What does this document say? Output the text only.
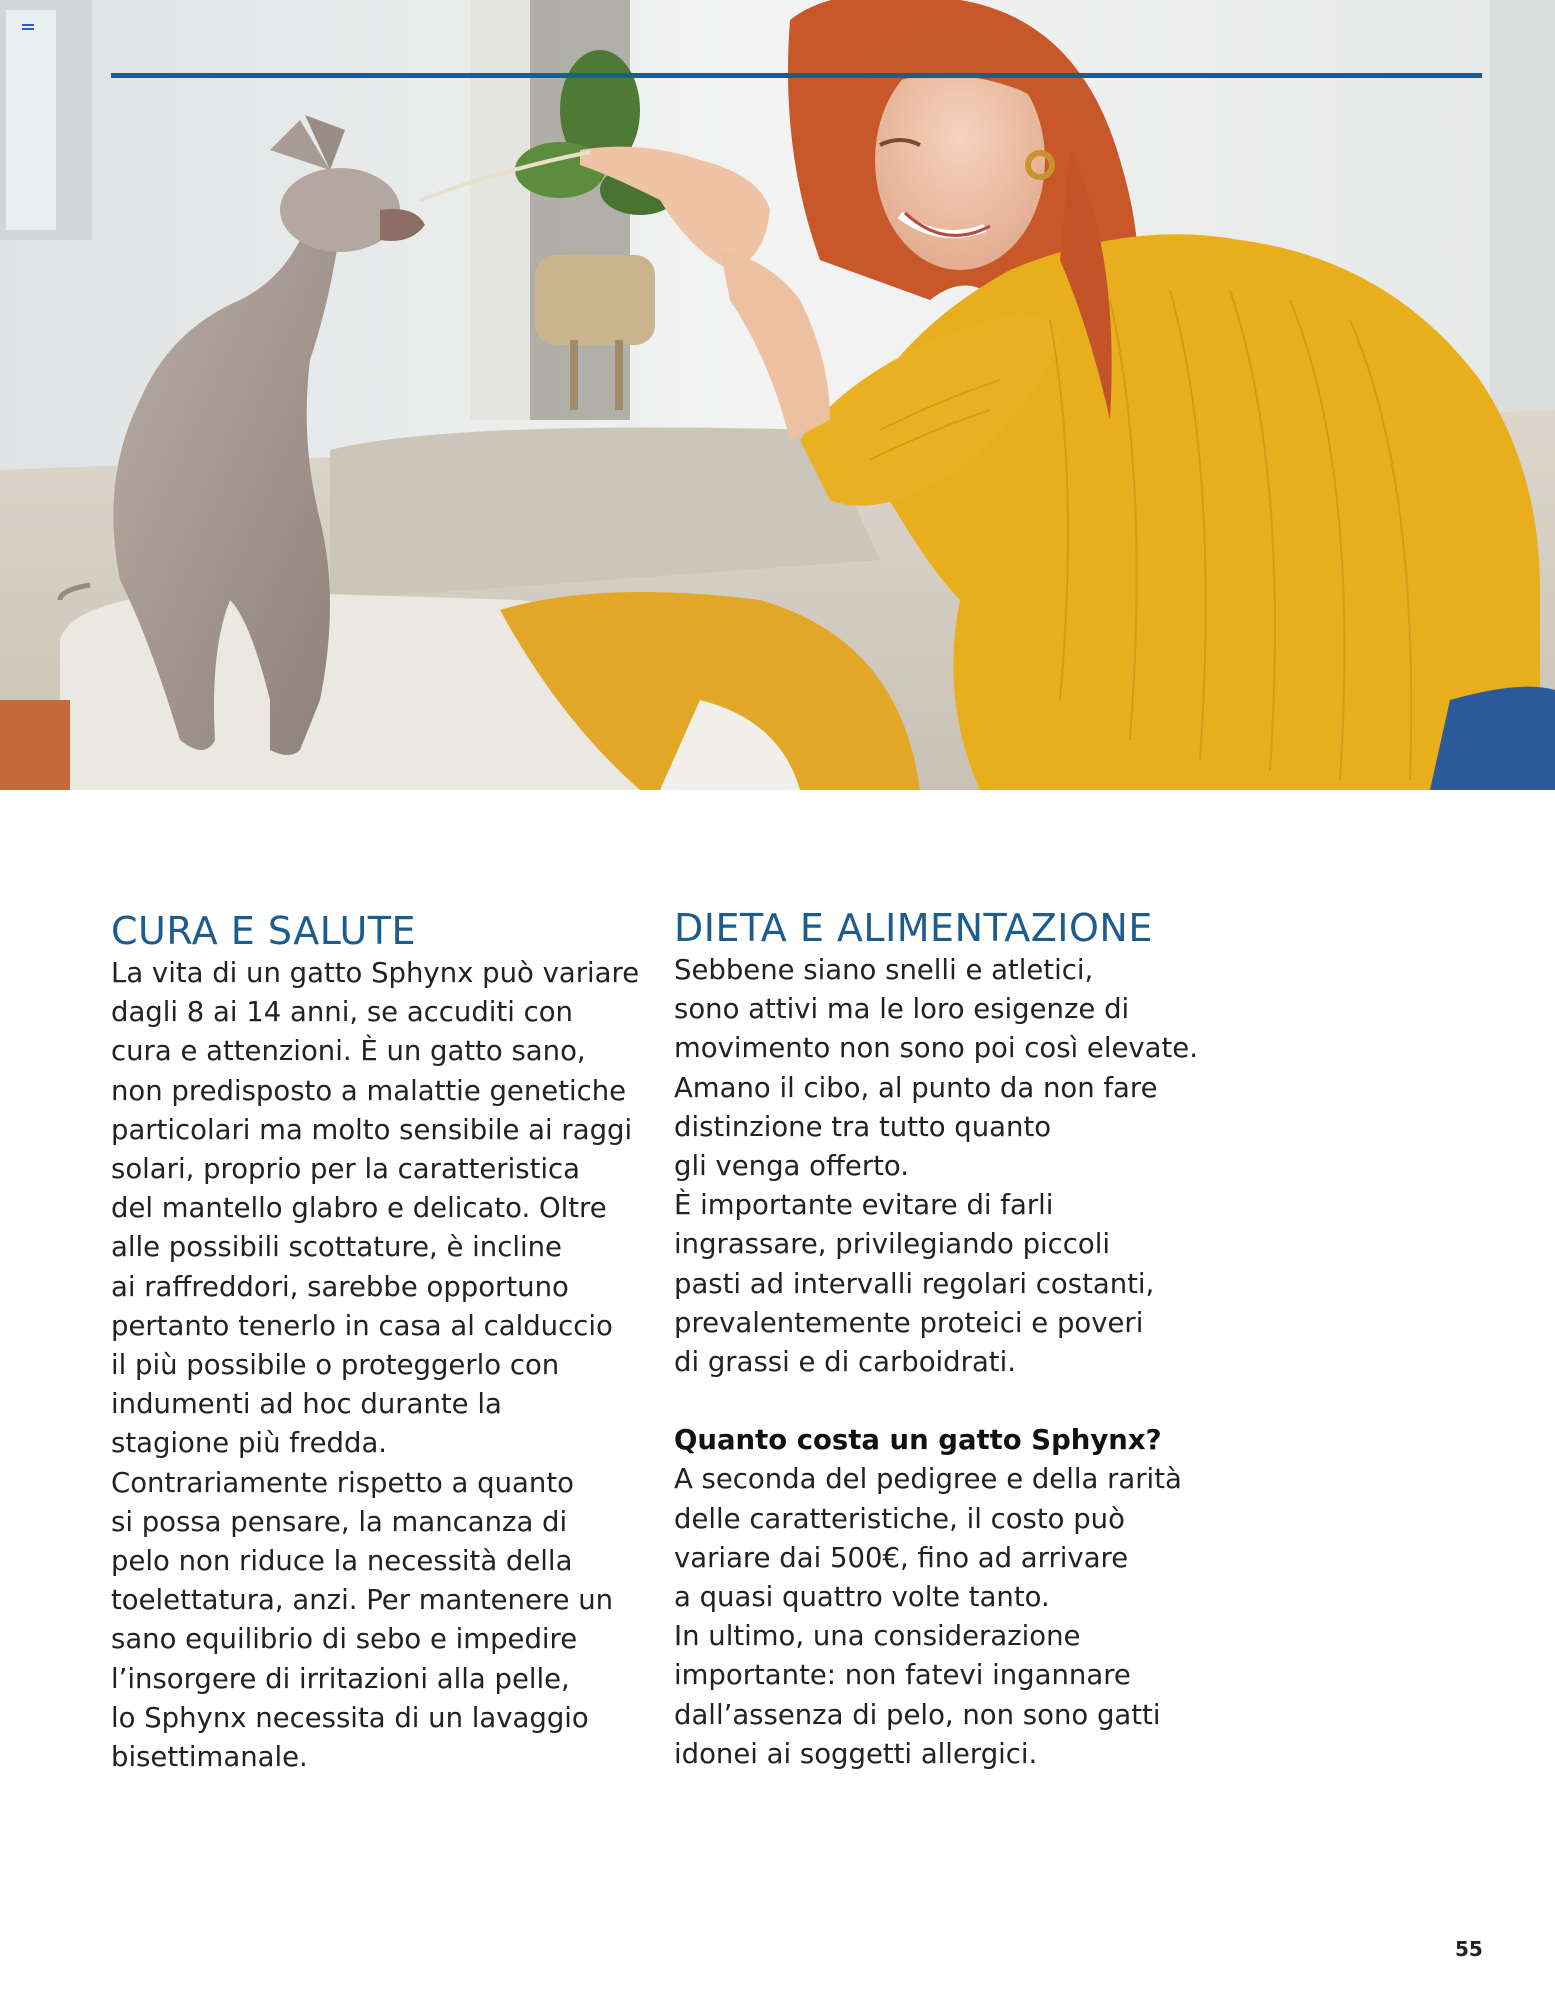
CURA E SALUTE

La vita di un gatto Sphynx può variare
dagli 8 ai 14 anni, se accuditi con
cura e attenzioni. È un gatto sano,
non predisposto a malattie genetiche
particolari ma molto sensibile ai raggi
solari, proprio per la caratteristica
del mantello glabro e delicato. Oltre
alle possibili scottature, è incline
ai raffreddori, sarebbe opportuno
pertanto tenerlo in casa al calduccio
il più possibile o proteggerlo con
indumenti ad hoc durante la
stagione più fredda.
Contrariamente rispetto a quanto
si possa pensare, la mancanza di
pelo non riduce la necessità della
toelettatura, anzi. Per mantenere un
sano equilibrio di sebo e impedire
l’insorgere di irritazioni alla pelle,
lo Sphynx necessita di un lavaggio
bisettimanale.

DIETA E ALIMENTAZIONE

Sebbene siano snelli e atletici,
sono attivi ma le loro esigenze di
movimento non sono poi così elevate.
Amano il cibo, al punto da non fare
distinzione tra tutto quanto
gli venga offerto.
È importante evitare di farli
ingrassare, privilegiando piccoli
pasti ad intervalli regolari costanti,
prevalentemente proteici e poveri
di grassi e di carboidrati.

Quanto costa un gatto Sphynx?

A seconda del pedigree e della rarità
delle caratteristiche, il costo può
variare dai 500€, fino ad arrivare
a quasi quattro volte tanto.
In ultimo, una considerazione
importante: non fatevi ingannare
dall’assenza di pelo, non sono gatti
idonei ai soggetti allergici.

55
